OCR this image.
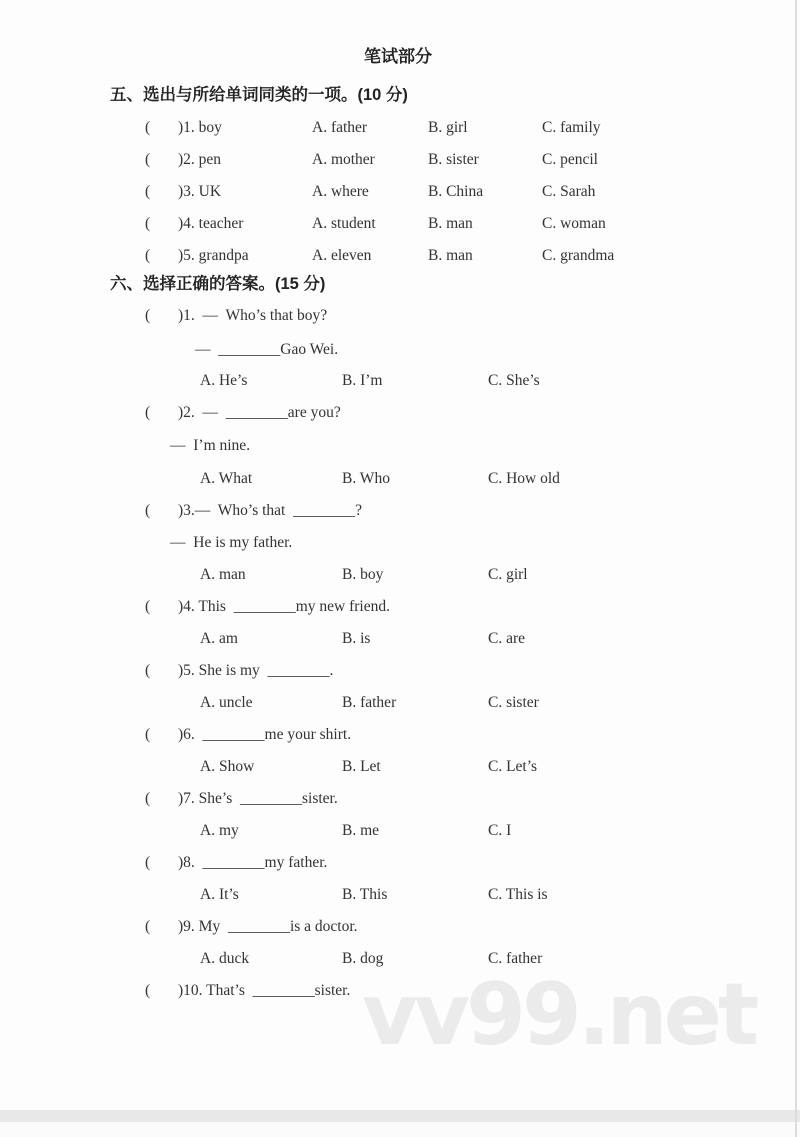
vv99.net
笔试部分
五、选出与所给单词同类的一项。(10 分)
( )1. boy	A. father	B. girl	C. family
( )2. pen	A. mother	B. sister	C. pencil
( )3. UK	A. where	B. China	C. Sarah
( )4. teacher	A. student	B. man	C. woman
( )5. grandpa	A. eleven	B. man	C. grandma
六、选择正确的答案。(15 分)
( )1.  —  Who’s that boy?
—  ________Gao Wei.
A. He’s	B. I’m	C. She’s
( )2.  —  ________are you?
—  I’m nine.
A. What	B. Who	C. How old
( )3.—  Who’s that  ________?
—  He is my father.
A. man	B. boy	C. girl
( )4. This  ________my new friend.
A. am	B. is	C. are
( )5. She is my  ________.
A. uncle	B. father	C. sister
( )6.  ________me your shirt.
A. Show	B. Let	C. Let’s
( )7. She’s  ________sister.
A. my	B. me	C. I
( )8.  ________my father.
A. It’s	B. This	C. This is
( )9. My  ________is a doctor.
A. duck	B. dog	C. father
( )10. That’s  ________sister.
